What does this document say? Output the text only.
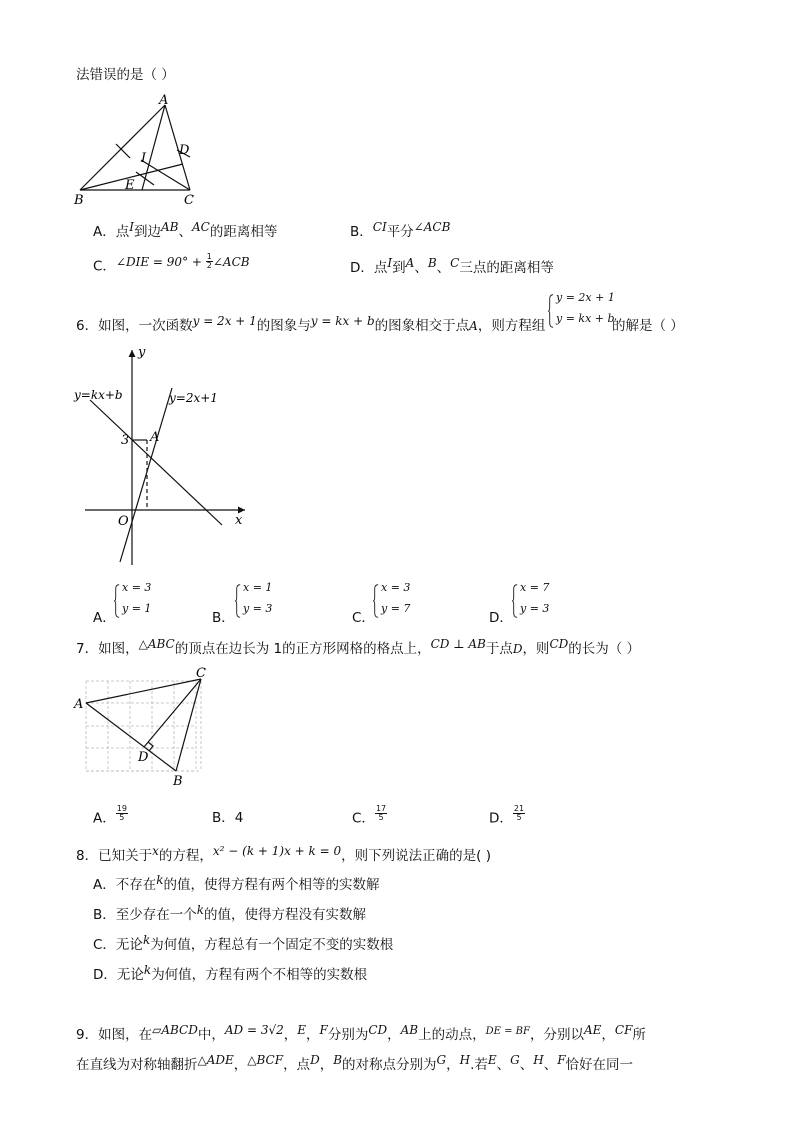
法错误的是（ ）
A
B	C
D
E
I
A．点I到边AB、AC的距离相等	B．CI平分∠ACB
C．∠DIE = $90^\circ + \frac{1}{2}$ ∠ACB	D．点I到A、B、C三点的距离相等
6．如图，一次函数y = 2x + 1的图象与y = kx + b的图象相交于点A，则方程组
y = 2x + 1
y = kx + b
的解是（ ）
y
x
O
A
3
y=2x+1
y=kx+b
A．
x = 3
y = 1
B．
x = 1
y = 3
C．
x = 3
y = 7
D．
x = 7
y = 3
7．如图，△ABC的顶点在边长为 1的正方形网格的格点上，CD ⊥ AB于点D，则CD的长为（ ）
A
C
D
B
A． $\frac{19}{5}$	B．4	C． $\frac{17}{5}$	D． $\frac{21}{5}$
8．已知关于x的方程，x² − (k + 1)x + k = 0，则下列说法正确的是( )
A．不存在k的值，使得方程有两个相等的实数解
B．至少存在一个k的值，使得方程没有实数解
C．无论k为何值，方程总有一个固定不变的实数根
D．无论k为何值，方程有两个不相等的实数根
9．如图，在▱ABCD中，AD = 3√2，E，F分别为CD，AB上的动点，$^{DE = BF}$，分别以AE，CF所
在直线为对称轴翻折△ADE，△BCF，点D，B的对称点分别为G，H.若E、G、H、F恰好在同一
